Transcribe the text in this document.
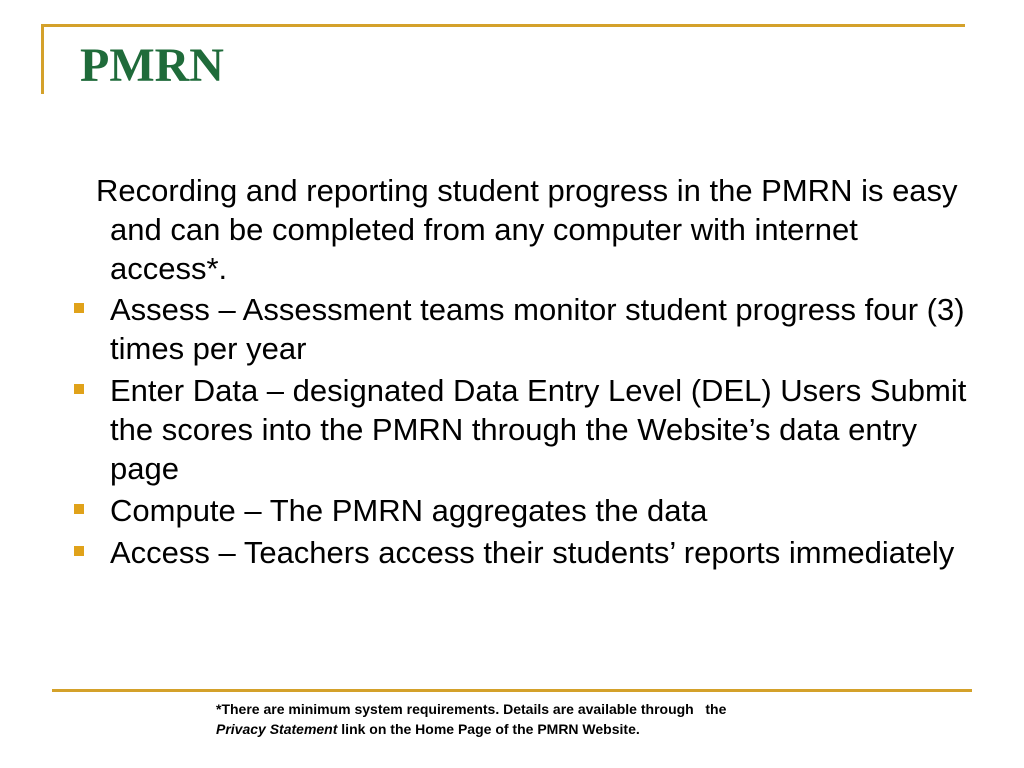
PMRN

Recording and reporting student progress in the PMRN is easy and can be completed from any computer with internet access*.

Assess – Assessment teams monitor student progress four (3) times per year
Enter Data – designated Data Entry Level (DEL) Users Submit the scores into the PMRN through the Website’s data entry page
Compute – The PMRN aggregates the data
Access – Teachers access their students’ reports immediately
*There are minimum system requirements. Details are available through   the
Privacy Statement link on the Home Page of the PMRN Website.
